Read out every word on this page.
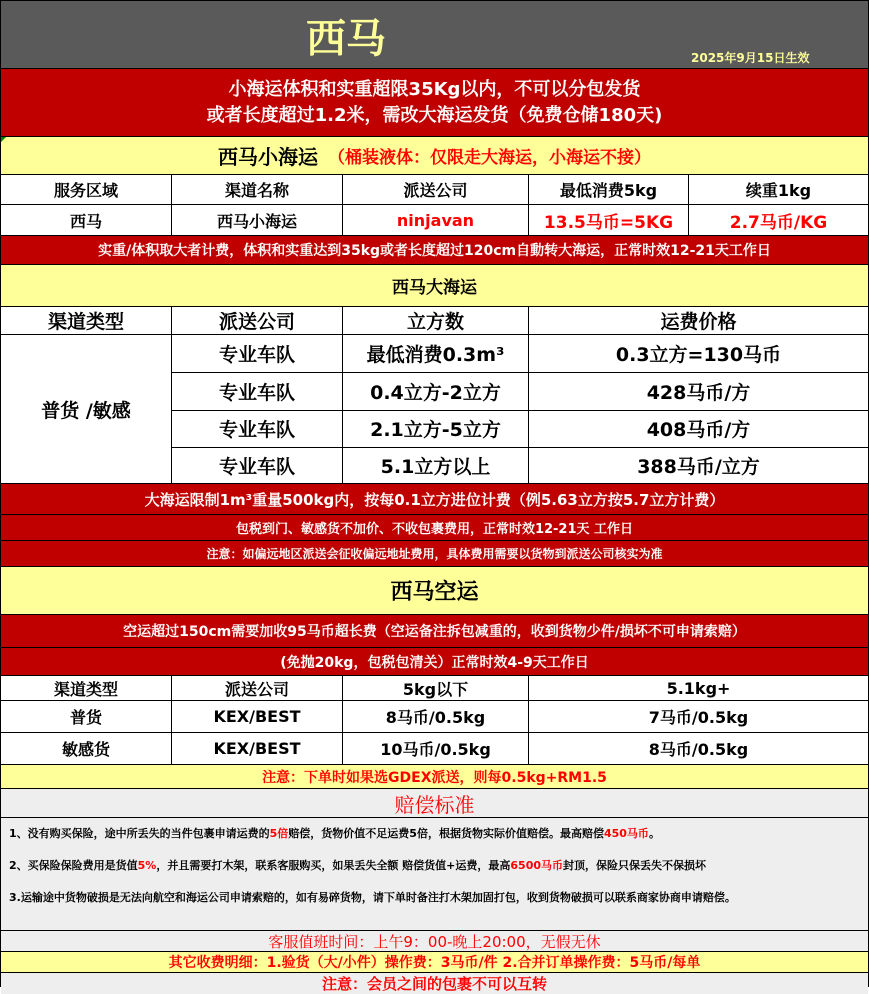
西马	2025年9月15日生效
小海运体积和实重超限35Kg以内，不可以分包发货
或者长度超过1.2米，需改大海运发货（免费仓储180天)
西马小海运 （桶装液体：仅限走大海运，小海运不接）
服务区域	渠道名称	派送公司	最低消费5kg	续重1kg
西马	西马小海运	ninjavan	13.5马币=5KG	2.7马币/KG
实重/体积取大者计费，体积和实重达到35kg或者长度超过120cm自動转大海运，正常时效12-21天工作日
西马大海运
渠道类型	派送公司	立方数	运费价格
普货 /敏感
专业车队	最低消费0.3m³	0.3立方=130马币
专业车队	0.4立方-2立方	428马币/方
专业车队	2.1立方-5立方	408马币/方
专业车队	5.1立方以上	388马币/立方
大海运限制1m³重量500kg内，按每0.1立方进位计费（例5.63立方按5.7立方计费）
包税到门、敏感货不加价、不收包裹费用，正常时效12-21天 工作日
注意：如偏远地区派送会征收偏远地址费用，具体费用需要以货物到派送公司核实为准
西马空运
空运超过150cm需要加收95马币超长费（空运备注拆包减重的，收到货物少件/损坏不可申请索赔）
(免抛20kg，包税包清关）正常时效4-9天工作日
渠道类型	派送公司	5kg以下	5.1kg+
普货	KEX/BEST	8马币/0.5kg	7马币/0.5kg
敏感货	KEX/BEST	10马币/0.5kg	8马币/0.5kg
注意：下单时如果选GDEX派送，则每0.5kg+RM1.5
赔偿标准
1、没有购买保险，途中所丢失的当件包裹申请运费的5倍赔偿，货物价值不足运费5倍，根据货物实际价值赔偿。最高赔偿450马币。
2、买保险保险费用是货值5%，并且需要打木架，联系客服购买，如果丢失全额 赔偿货值+运费，最高6500马币封顶，保险只保丢失不保损坏
3.运输途中货物破损是无法向航空和海运公司申请索赔的，如有易碎货物，请下单时备注打木架加固打包，收到货物破损可以联系商家协商申请赔偿。
客服值班时间：上午9：00-晚上20:00，无假无休
其它收费明细：1.验货（大/小件）操作费：3马币/件 2.合并订单操作费：5马币/每单
注意：会员之间的包裹不可以互转
